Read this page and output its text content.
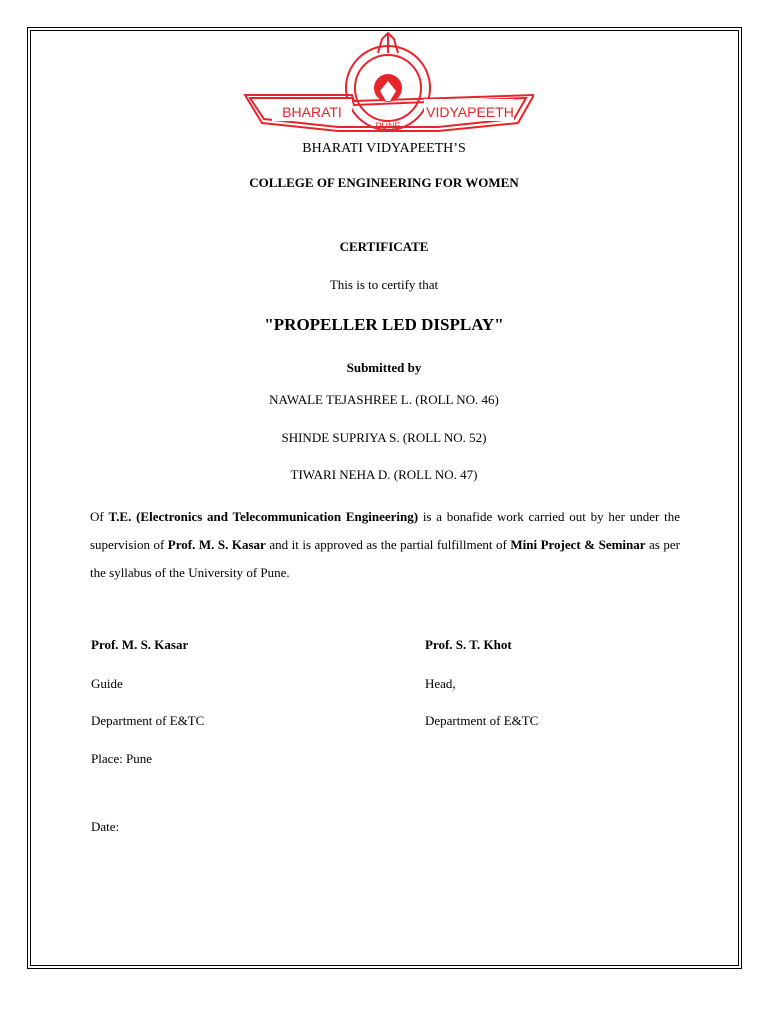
BHARATI	VIDYAPEETH
PUNE
BHARATI VIDYAPEETH’S
COLLEGE OF ENGINEERING FOR WOMEN
CERTIFICATE
This is to certify that
"PROPELLER LED DISPLAY"
Submitted by
NAWALE TEJASHREE L. (ROLL NO. 46)
SHINDE SUPRIYA S. (ROLL NO. 52)
TIWARI NEHA D. (ROLL NO. 47)
Of T.E. (Electronics and Telecommunication Engineering) is a bonafide work carried out by her under the supervision of Prof. M. S. Kasar and it is approved as the partial fulfillment of Mini Project & Seminar as per the syllabus of the University of Pune.
Prof. M. S. Kasar
Guide
Department of E&TC
Place: Pune
Date:
Prof. S. T. Khot
Head,
Department of E&TC
